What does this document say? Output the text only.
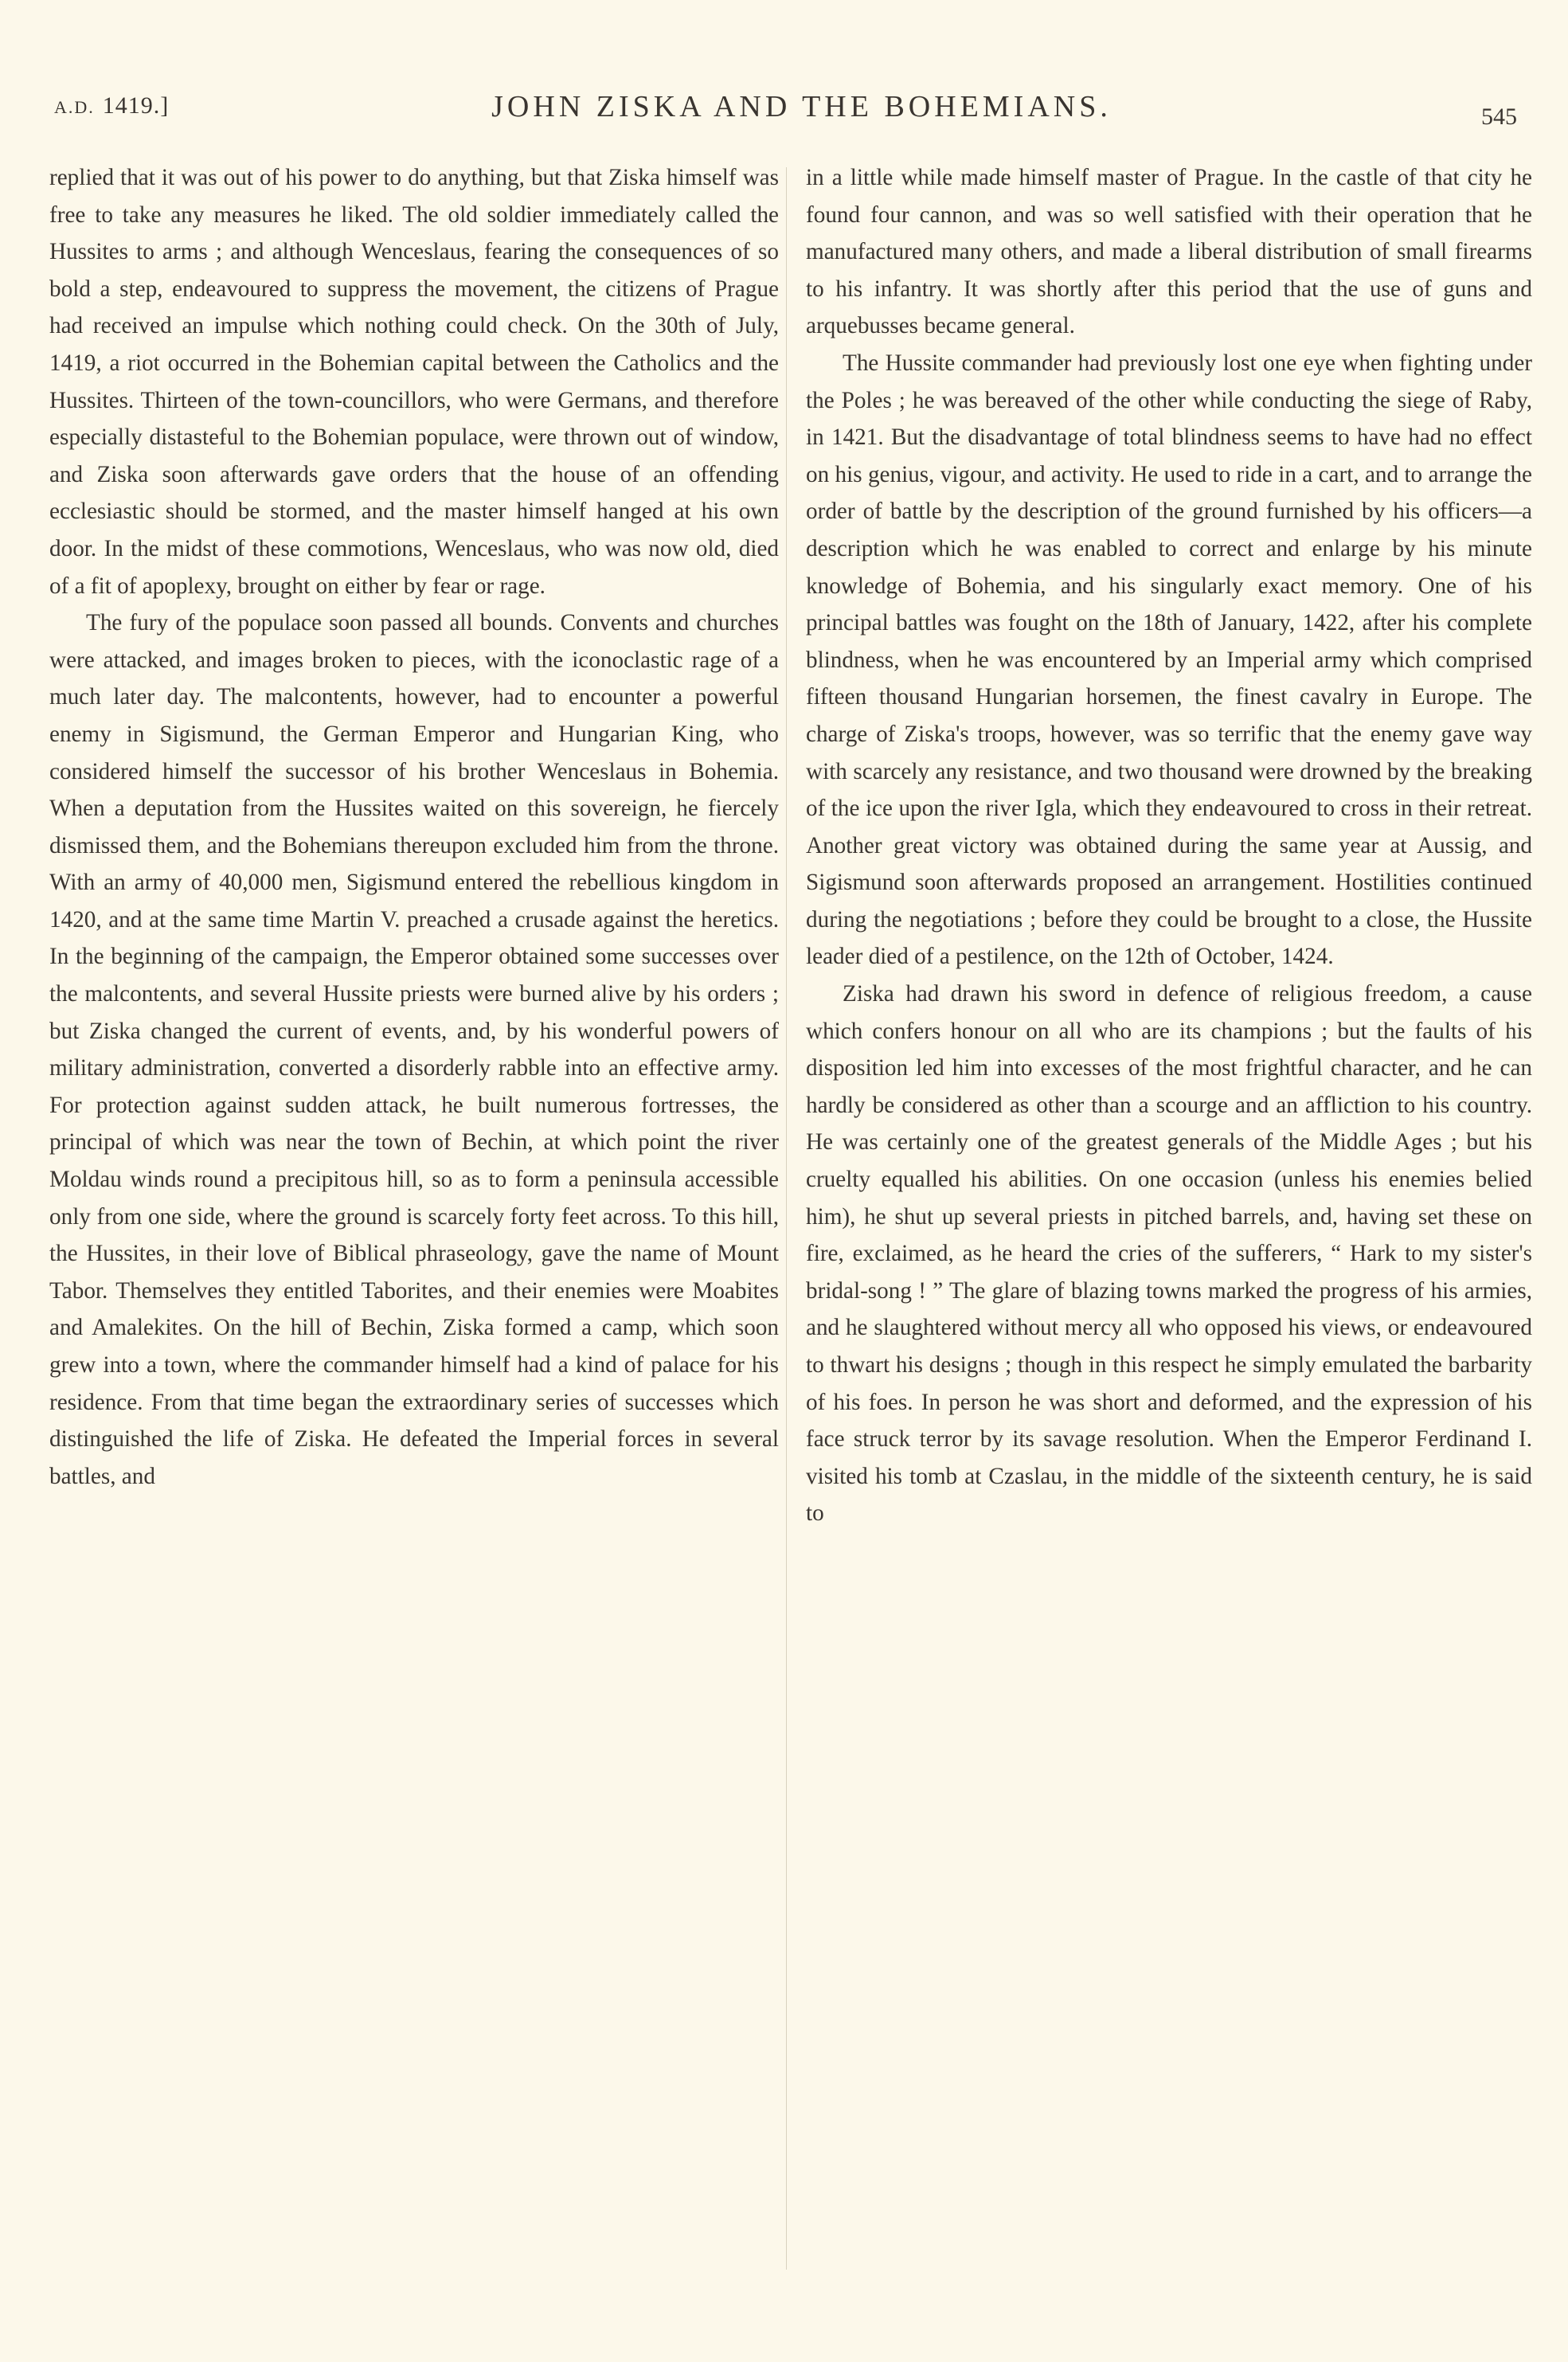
A.D. 1419.]	JOHN ZISKA AND THE BOHEMIANS.	545

replied that it was out of his power to do anything, but that Ziska himself was free to take any measures he liked. The old soldier immediately called the Hussites to arms ; and although Wenceslaus, fearing the consequences of so bold a step, endeavoured to suppress the movement, the citizens of Prague had received an impulse which nothing could check. On the 30th of July, 1419, a riot occurred in the Bohemian capital between the Catholics and the Hussites. Thirteen of the town-councillors, who were Germans, and therefore especially distasteful to the Bohemian populace, were thrown out of window, and Ziska soon afterwards gave orders that the house of an offending ecclesiastic should be stormed, and the master himself hanged at his own door. In the midst of these commotions, Wenceslaus, who was now old, died of a fit of apoplexy, brought on either by fear or rage.

The fury of the populace soon passed all bounds. Convents and churches were attacked, and images broken to pieces, with the iconoclastic rage of a much later day. The malcontents, however, had to encounter a powerful enemy in Sigismund, the German Emperor and Hungarian King, who considered himself the successor of his brother Wenceslaus in Bohemia. When a deputation from the Hussites waited on this sovereign, he fiercely dismissed them, and the Bohemians thereupon excluded him from the throne. With an army of 40,000 men, Sigismund entered the rebellious kingdom in 1420, and at the same time Martin V. preached a crusade against the heretics. In the beginning of the campaign, the Emperor obtained some successes over the malcontents, and several Hussite priests were burned alive by his orders ; but Ziska changed the current of events, and, by his wonderful powers of military administration, converted a disorderly rabble into an effective army. For protection against sudden attack, he built numerous fortresses, the principal of which was near the town of Bechin, at which point the river Moldau winds round a precipitous hill, so as to form a peninsula accessible only from one side, where the ground is scarcely forty feet across. To this hill, the Hussites, in their love of Biblical phraseology, gave the name of Mount Tabor. Themselves they entitled Taborites, and their enemies were Moabites and Amalekites. On the hill of Bechin, Ziska formed a camp, which soon grew into a town, where the commander himself had a kind of palace for his residence. From that time began the extraordinary series of successes which distinguished the life of Ziska. He defeated the Imperial forces in several battles, and

in a little while made himself master of Prague. In the castle of that city he found four cannon, and was so well satisfied with their operation that he manufactured many others, and made a liberal distribution of small firearms to his infantry. It was shortly after this period that the use of guns and arquebusses became general.

The Hussite commander had previously lost one eye when fighting under the Poles ; he was bereaved of the other while conducting the siege of Raby, in 1421. But the disadvantage of total blindness seems to have had no effect on his genius, vigour, and activity. He used to ride in a cart, and to arrange the order of battle by the description of the ground furnished by his officers—a description which he was enabled to correct and enlarge by his minute knowledge of Bohemia, and his singularly exact memory. One of his principal battles was fought on the 18th of January, 1422, after his complete blindness, when he was encountered by an Imperial army which comprised fifteen thousand Hungarian horsemen, the finest cavalry in Europe. The charge of Ziska's troops, however, was so terrific that the enemy gave way with scarcely any resistance, and two thousand were drowned by the breaking of the ice upon the river Igla, which they endeavoured to cross in their retreat. Another great victory was obtained during the same year at Aussig, and Sigismund soon afterwards proposed an arrangement. Hostilities continued during the negotiations ; before they could be brought to a close, the Hussite leader died of a pestilence, on the 12th of October, 1424.

Ziska had drawn his sword in defence of religious freedom, a cause which confers honour on all who are its champions ; but the faults of his disposition led him into excesses of the most frightful character, and he can hardly be considered as other than a scourge and an affliction to his country. He was certainly one of the greatest generals of the Middle Ages ; but his cruelty equalled his abilities. On one occasion (unless his enemies belied him), he shut up several priests in pitched barrels, and, having set these on fire, exclaimed, as he heard the cries of the sufferers, “ Hark to my sister's bridal-song ! ” The glare of blazing towns marked the progress of his armies, and he slaughtered without mercy all who opposed his views, or endeavoured to thwart his designs ; though in this respect he simply emulated the barbarity of his foes. In person he was short and deformed, and the expression of his face struck terror by its savage resolution. When the Emperor Ferdinand I. visited his tomb at Czaslau, in the middle of the sixteenth century, he is said to
